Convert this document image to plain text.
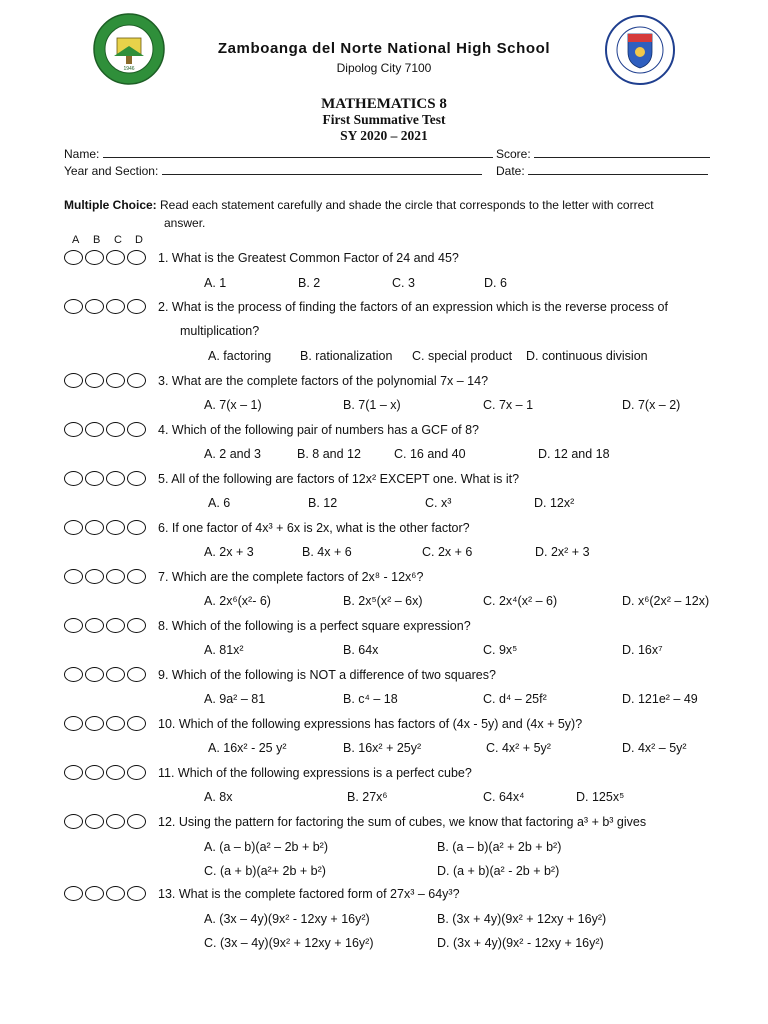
1946
Zamboanga del Norte National High School
Dipolog City 7100
MATHEMATICS 8
First Summative Test
SY 2020 – 2021
Name:	Score:
Year and Section:	Date:
Multiple Choice: Read each statement carefully and shade the circle that corresponds to the letter with correct
answer.
A B C D
1. What is the Greatest Common Factor of 24 and 45?
A. 1	B. 2	C. 3	D. 6
2. What is the process of finding the factors of an expression which is the reverse process of
multiplication?
A. factoring B. rationalization C. special product D. continuous division
3. What are the complete factors of the polynomial 7x – 14?
A. 7(x – 1)	B. 7(1 – x)	C. 7x – 1	D. 7(x – 2)
4. Which of the following pair of numbers has a GCF of 8?
A. 2 and 3	B. 8 and 12	C. 16 and 40	D. 12 and 18
5. All of the following are factors of 12x² EXCEPT one. What is it?
A. 6	B. 12	C. x³	D. 12x²
6. If one factor of 4x³ + 6x is 2x, what is the other factor?
A. 2x + 3	B. 4x + 6	C. 2x + 6	D. 2x² + 3
7. Which are the complete factors of 2x⁸ - 12x⁶?
A. 2x⁶(x²- 6)	B. 2x⁵(x² – 6x)	C. 2x⁴(x² – 6)	D. x⁶(2x² – 12x)
8. Which of the following is a perfect square expression?
A. 81x²	B. 64x	C. 9x⁵	D. 16x⁷
9. Which of the following is NOT a difference of two squares?
A. 9a² – 81	B. c⁴ – 18	C. d⁴ – 25f²	D. 121e² – 49
10. Which of the following expressions has factors of (4x - 5y) and (4x + 5y)?
A. 16x² - 25 y²	B. 16x² + 25y²	C. 4x² + 5y²	D. 4x² – 5y²
11. Which of the following expressions is a perfect cube?
A. 8x	B. 27x⁶	C. 64x⁴	D. 125x⁵
12. Using the pattern for factoring the sum of cubes, we know that factoring a³ + b³ gives
A. (a – b)(a² – 2b + b²)	B. (a – b)(a² + 2b + b²)
C. (a + b)(a²+ 2b + b²)	D. (a + b)(a² - 2b + b²)
13. What is the complete factored form of 27x³ – 64y³?
A. (3x – 4y)(9x² - 12xy + 16y²)	B. (3x + 4y)(9x² + 12xy + 16y²)
C. (3x – 4y)(9x² + 12xy + 16y²)	D. (3x + 4y)(9x² - 12xy + 16y²)
